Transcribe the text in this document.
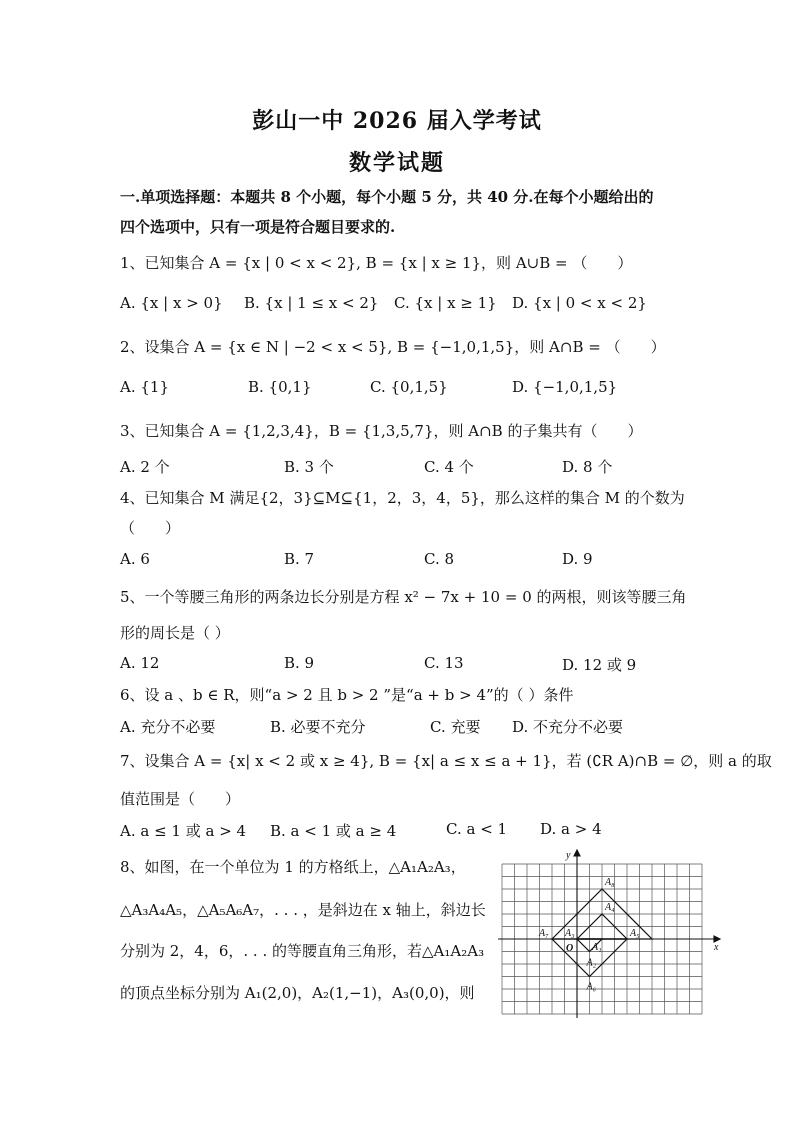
彭山一中 2026 届入学考试
数学试题
一.单项选择题：本题共 8 个小题，每个小题 5 分，共 40 分.在每个小题给出的
四个选项中，只有一项是符合题目要求的.
1、已知集合 A = {x | 0 < x < 2}, B = {x | x ≥ 1}，则 A∪B = （　　）
A. {x | x > 0} B. {x | 1 ≤ x < 2} C. {x | x ≥ 1} D. {x | 0 < x < 2}
2、设集合 A = {x ∈ N | −2 < x < 5}, B = {−1,0,1,5}，则 A∩B = （　　）
A. {1}	B. {0,1}	C. {0,1,5}	D. {−1,0,1,5}
3、已知集合 A = {1,2,3,4}，B = {1,3,5,7}，则 A∩B 的子集共有（　　）
A. 2 个	B. 3 个	C. 4 个	D. 8 个
4、已知集合 M 满足{2，3}⊆M⊆{1，2，3，4，5}，那么这样的集合 M 的个数为
（　　）
A. 6	B. 7	C. 8	D. 9
5、一个等腰三角形的两条边长分别是方程 x² − 7x + 10 = 0 的两根，则该等腰三角
形的周长是（ ）
A. 12	B. 9	C. 13	D. 12 或 9
6、设 a 、b ∈ R，则“a > 2 且 b > 2 ”是“a + b > 4”的（ ）条件
A. 充分不必要	B. 必要不充分	C. 充要 D. 不充分不必要
7、设集合 A = {x| x < 2 或 x ≥ 4}, B = {x| a ≤ x ≤ a + 1}，若 (∁R A)∩B = ∅，则 a 的取
值范围是（　　）
A. a ≤ 1 或 a > 4 B. a < 1 或 a ≥ 4	C. a < 1 D. a > 4
8、如图，在一个单位为 1 的方格纸上，△A₁A₂A₃，
△A₃A₄A₅，△A₅A₆A₇，. . . ，是斜边在 x 轴上，斜边长
分别为 2，4，6，. . . 的等腰直角三角形，若△A₁A₂A₃
的顶点坐标分别为 A₁(2,0)，A₂(1,−1)，A₃(0,0)，则
A₁
A₂
A₃
A₄
A₅
A₆
A₇
A₈
O	x
y
